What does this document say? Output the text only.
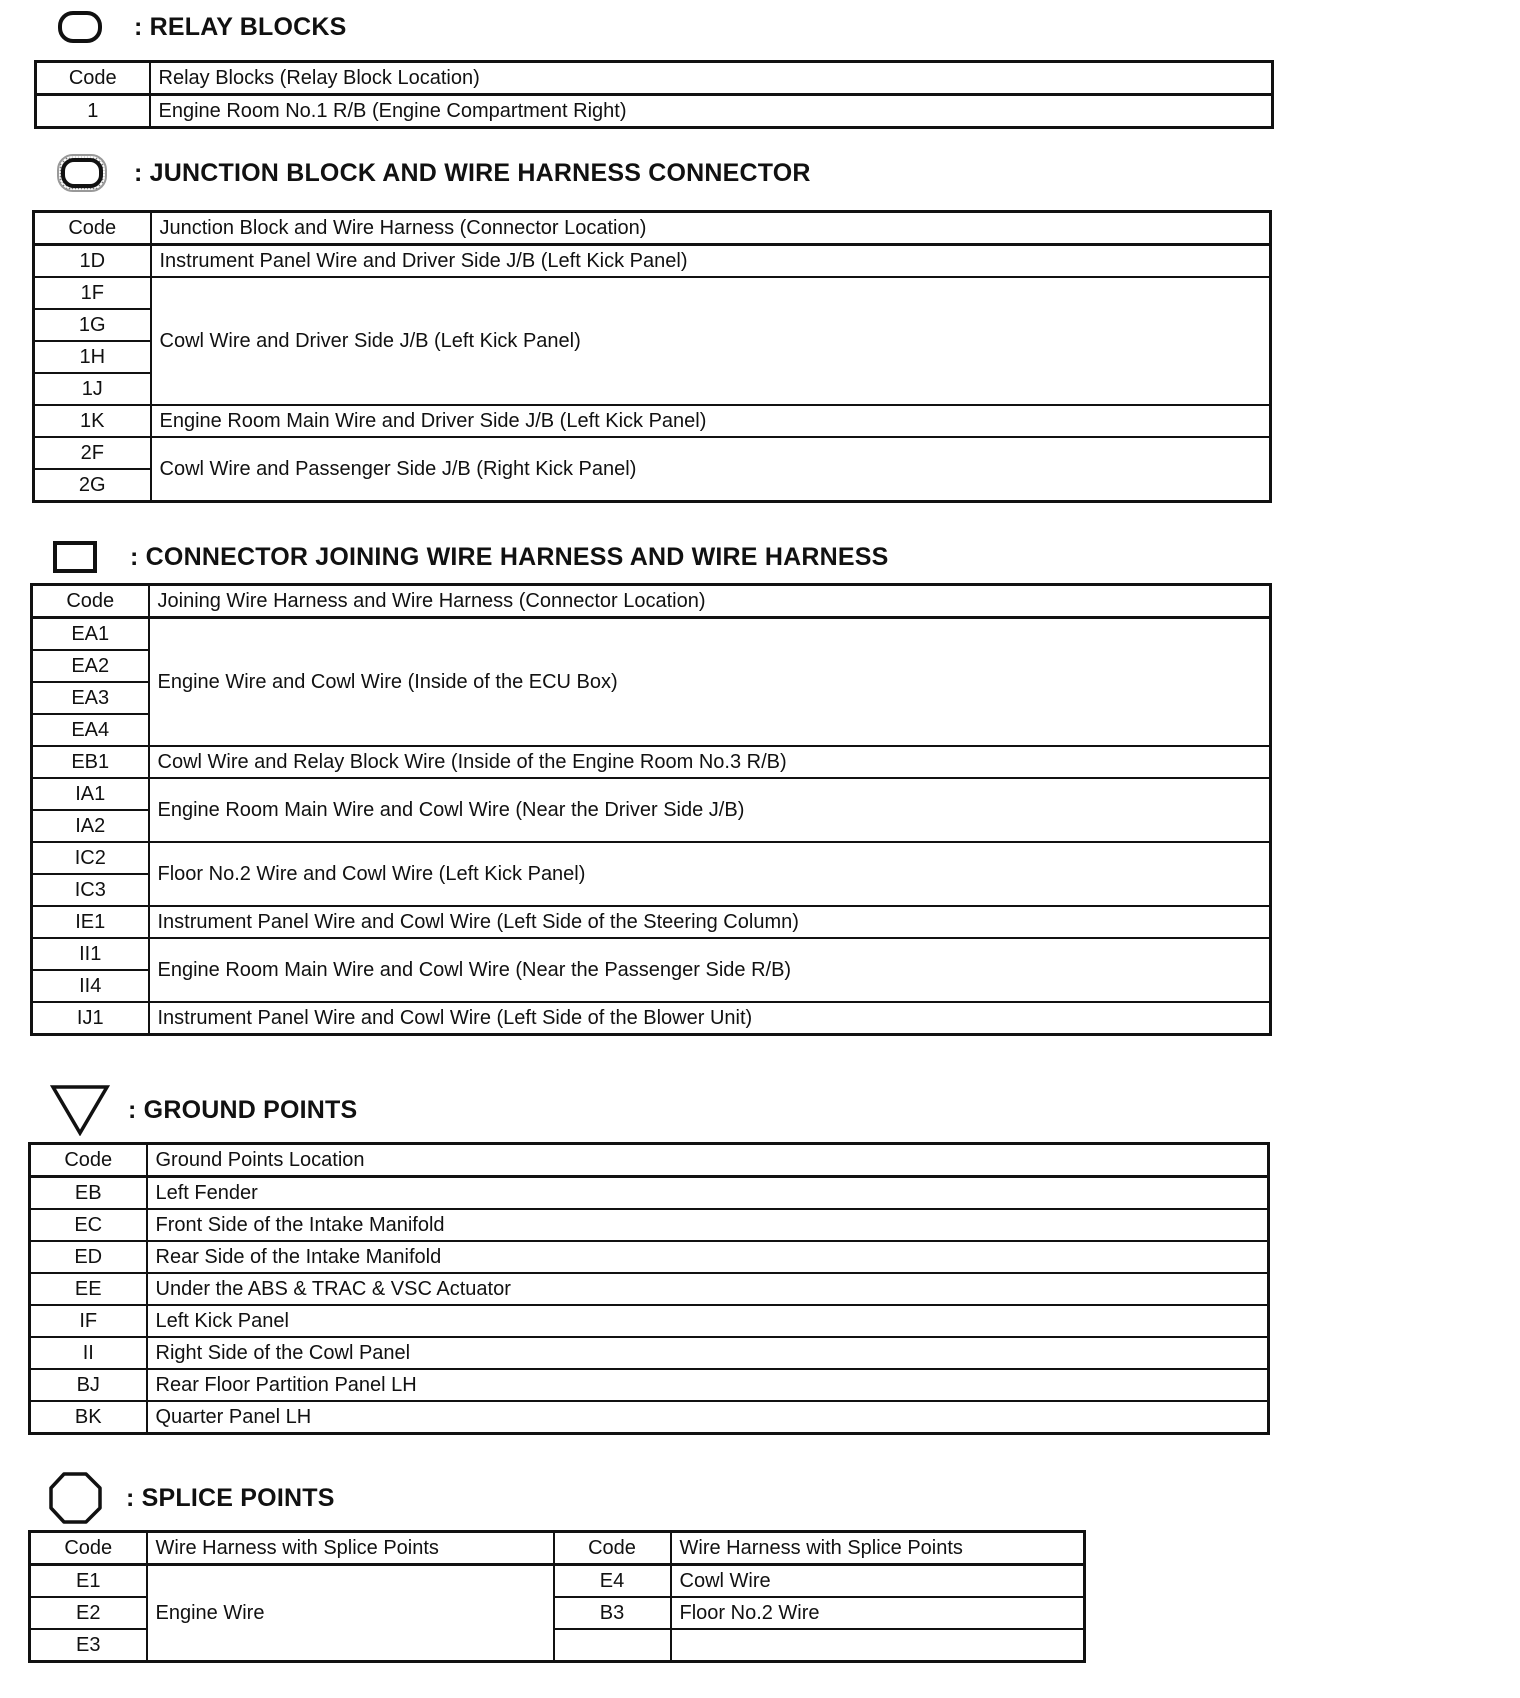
: RELAY BLOCKS
Code	Relay Blocks (Relay Block Location)
1	Engine Room No.1 R/B (Engine Compartment Right)
: JUNCTION BLOCK AND WIRE HARNESS CONNECTOR
Code	Junction Block and Wire Harness (Connector Location)
1D	Instrument Panel Wire and Driver Side J/B (Left Kick Panel)
1F	Cowl Wire and Driver Side J/B (Left Kick Panel)
1G	
1H	
1J	
1K	Engine Room Main Wire and Driver Side J/B (Left Kick Panel)
2F	Cowl Wire and Passenger Side J/B (Right Kick Panel)
2G	
: CONNECTOR JOINING WIRE HARNESS AND WIRE HARNESS
Code	Joining Wire Harness and Wire Harness (Connector Location)
EA1	Engine Wire and Cowl Wire (Inside of the ECU Box)
EA2	
EA3	
EA4	
EB1	Cowl Wire and Relay Block Wire (Inside of the Engine Room No.3 R/B)
IA1	Engine Room Main Wire and Cowl Wire (Near the Driver Side J/B)
IA2	
IC2	Floor No.2 Wire and Cowl Wire (Left Kick Panel)
IC3	
IE1	Instrument Panel Wire and Cowl Wire (Left Side of the Steering Column)
II1	Engine Room Main Wire and Cowl Wire (Near the Passenger Side R/B)
II4	
IJ1	Instrument Panel Wire and Cowl Wire (Left Side of the Blower Unit)
: GROUND POINTS
Code	Ground Points Location
EB	Left Fender
EC	Front Side of the Intake Manifold
ED	Rear Side of the Intake Manifold
EE	Under the ABS & TRAC & VSC Actuator
IF	Left Kick Panel
II	Right Side of the Cowl Panel
BJ	Rear Floor Partition Panel LH
BK	Quarter Panel LH
: SPLICE POINTS
Code	Wire Harness with Splice Points	Code	Wire Harness with Splice Points
E1	Engine Wire	E4	Cowl Wire
E2		B3	Floor No.2 Wire
E3			
